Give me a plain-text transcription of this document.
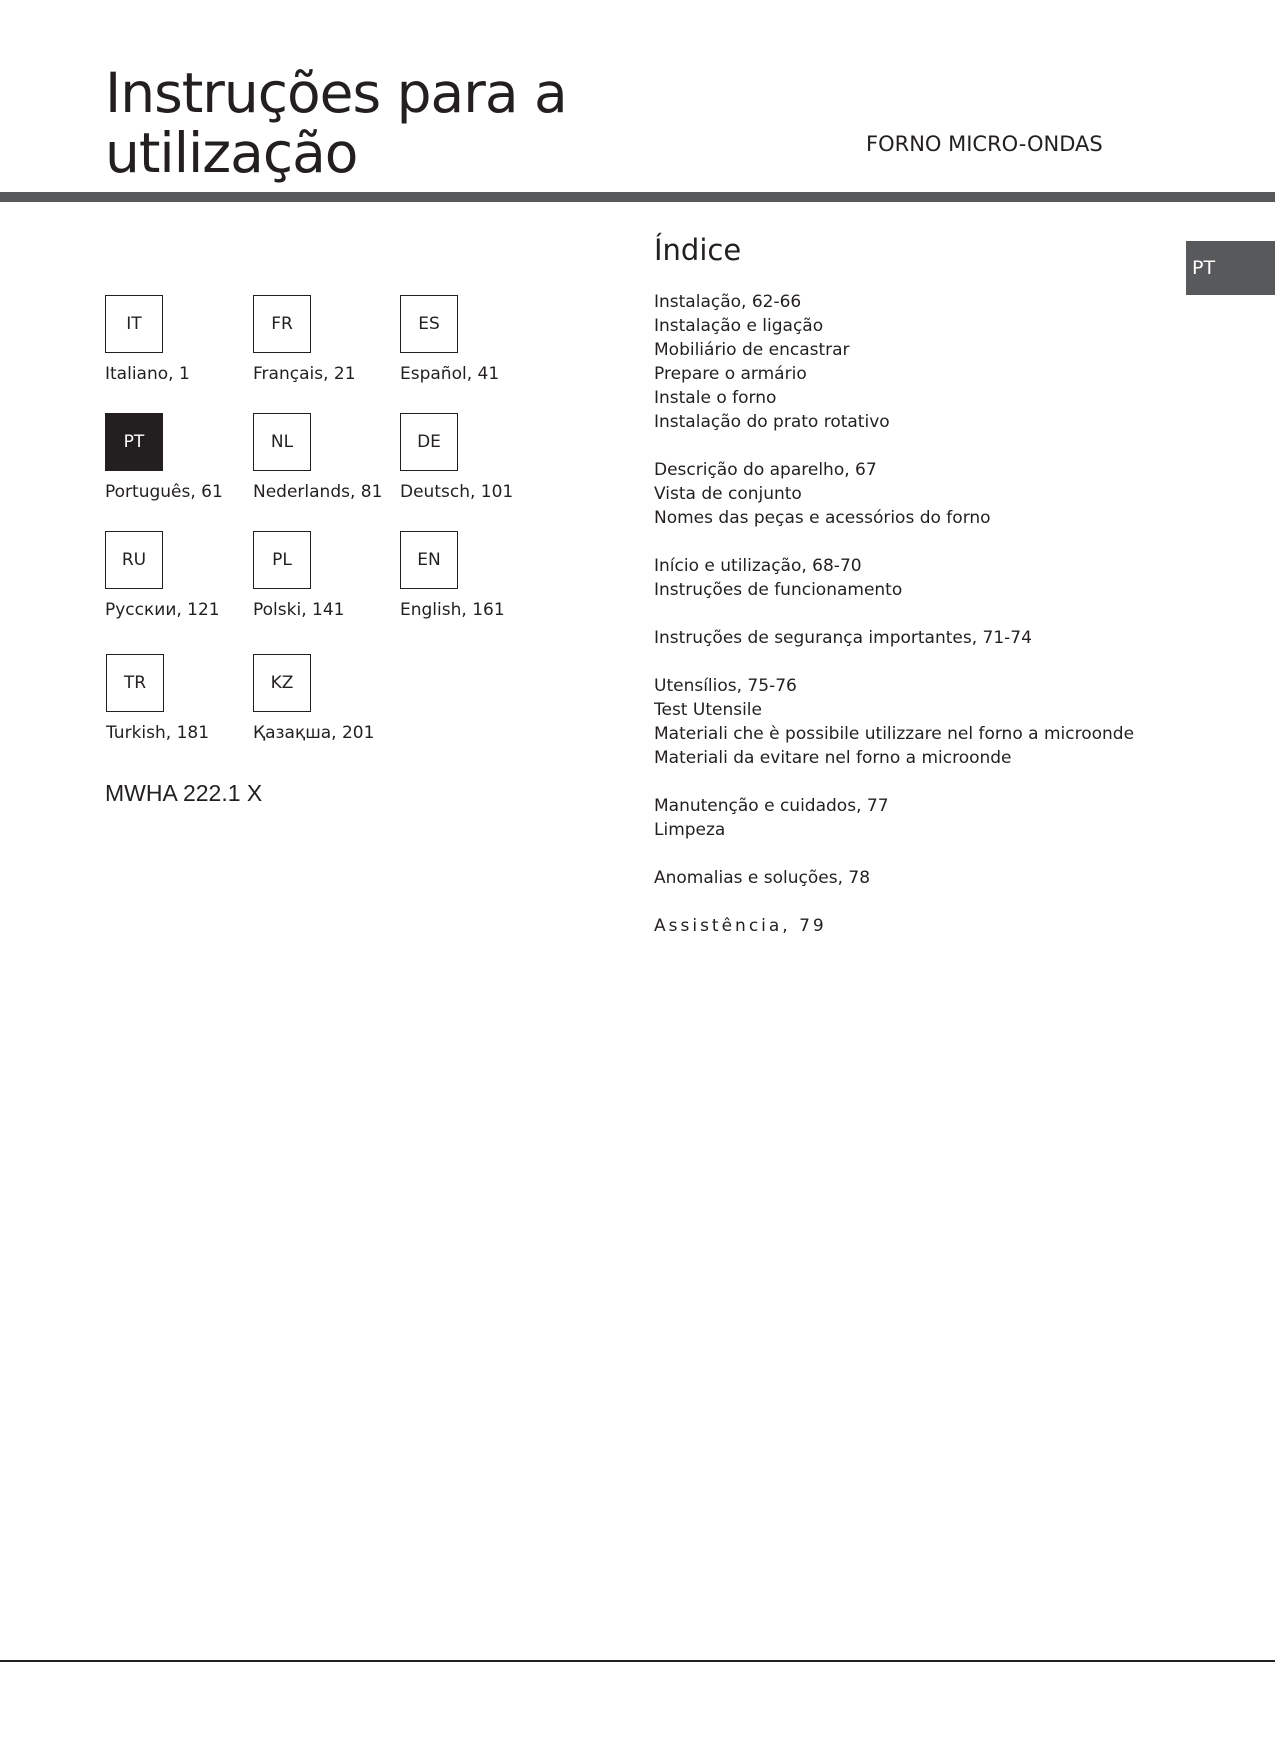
Instruções para a
utilização	FORNO MICRO-ONDAS
PT
IT
Italiano, 1
FR
Français, 21
ES
Español, 41
PT
Português, 61
NL
Nederlands, 81
DE
Deutsch, 101
RU
Русскии, 121
PL
Polski, 141
EN
English, 161
TR
Turkish, 181
KZ
Қазақша, 201
MWHA 222.1 X
Índice
Instalação, 62-66
Instalação e ligação
Mobiliário de encastrar
Prepare o armário
Instale o forno
Instalação do prato rotativo
Descrição do aparelho, 67
Vista de conjunto
Nomes das peças e acessórios do forno
Início e utilização, 68-70
Instruções de funcionamento
Instruções de segurança importantes, 71-74
Utensílios, 75-76
Test Utensile
Materiali che è possibile utilizzare nel forno a microonde
Materiali da evitare nel forno a microonde
Manutenção e cuidados, 77
Limpeza
Anomalias e soluções, 78
Assistência, 79
